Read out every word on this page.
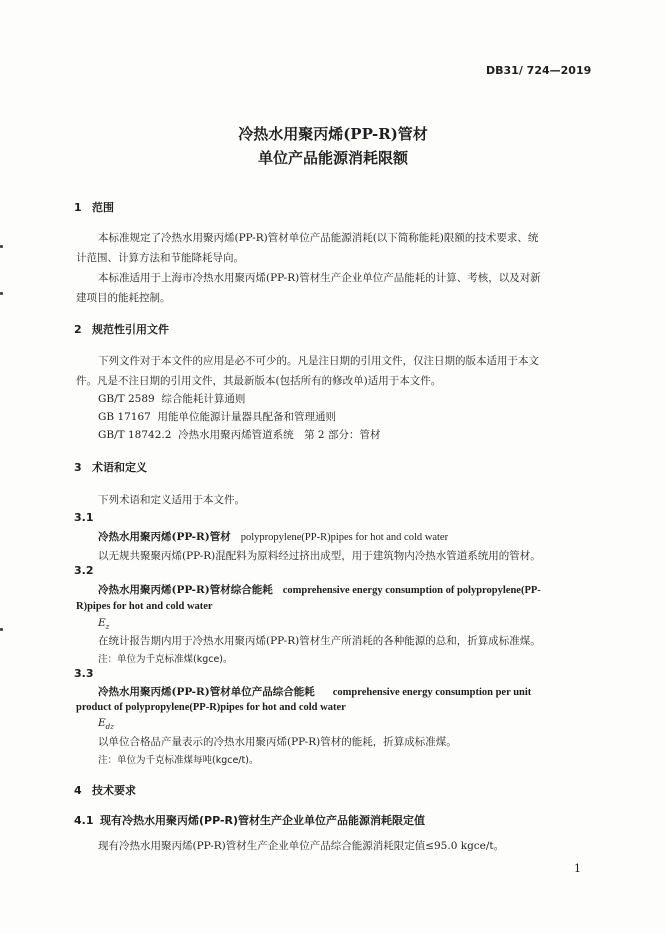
DB31/ 724—2019
冷热水用聚丙烯(PP-R)管材
单位产品能源消耗限额
1 范围
本标准规定了冷热水用聚丙烯(PP-R)管材单位产品能源消耗(以下简称能耗)限额的技术要求、统
计范围、计算方法和节能降耗导向。
本标准适用于上海市冷热水用聚丙烯(PP-R)管材生产企业单位产品能耗的计算、考核，以及对新
建项目的能耗控制。
2 规范性引用文件
下列文件对于本文件的应用是必不可少的。凡是注日期的引用文件，仅注日期的版本适用于本文
件。凡是不注日期的引用文件，其最新版本(包括所有的修改单)适用于本文件。
GB/T 2589 综合能耗计算通则
GB 17167 用能单位能源计量器具配备和管理通则
GB/T 18742.2 冷热水用聚丙烯管道系统　第 2 部分：管材
3 术语和定义
下列术语和定义适用于本文件。
3.1
冷热水用聚丙烯(PP-R)管材 polypropylene(PP-R)pipes for hot and cold water
以无规共聚聚丙烯(PP-R)混配料为原料经过挤出成型，用于建筑物内冷热水管道系统用的管材。
3.2
冷热水用聚丙烯(PP-R)管材综合能耗 comprehensive energy consumption of polypropylene(PP-
R)pipes for hot and cold water
$E_z$
在统计报告期内用于冷热水用聚丙烯(PP-R)管材生产所消耗的各种能源的总和，折算成标准煤。
注：单位为千克标准煤(kgce)。
3.3
冷热水用聚丙烯(PP-R)管材单位产品综合能耗 comprehensive energy consumption per unit
product of polypropylene(PP-R)pipes for hot and cold water
$E_{dz}$
以单位合格品产量表示的冷热水用聚丙烯(PP-R)管材的能耗，折算成标准煤。
注：单位为千克标准煤每吨(kgce/t)。
4 技术要求
4.1 现有冷热水用聚丙烯(PP-R)管材生产企业单位产品能源消耗限定值
现有冷热水用聚丙烯(PP-R)管材生产企业单位产品综合能源消耗限定值≤95.0 kgce/t。
1
